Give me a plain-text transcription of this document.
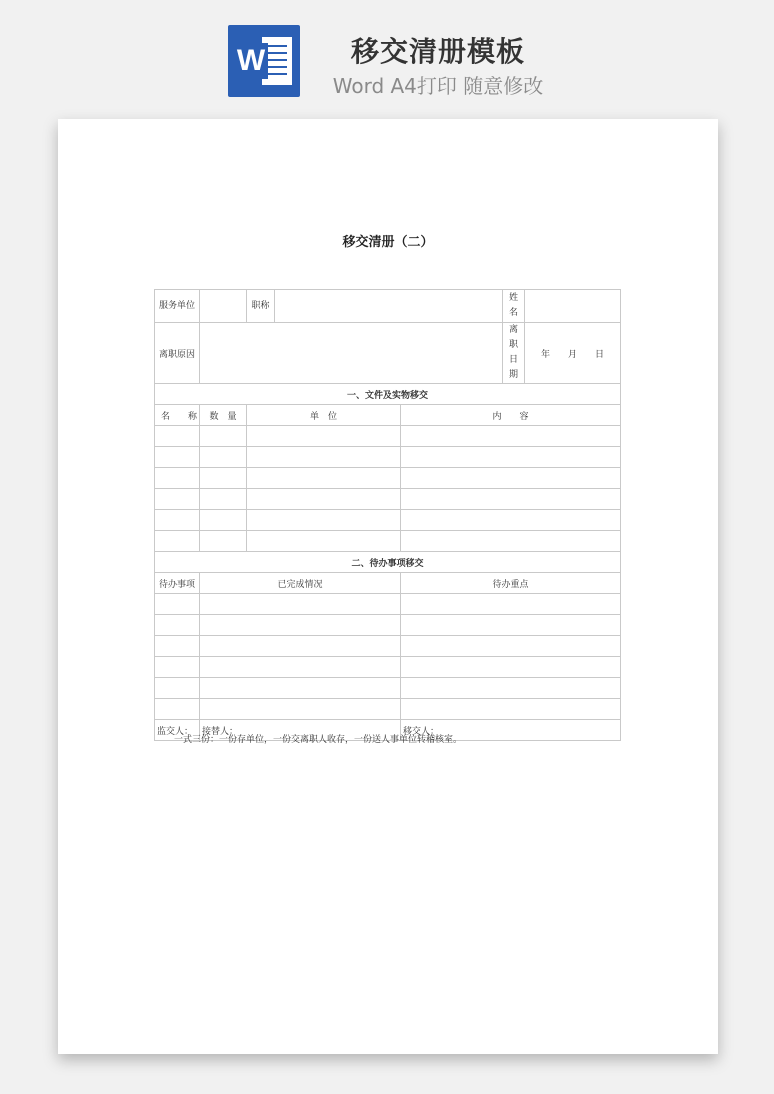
W	移交清册模板
Word A4打印 随意修改
移交清册（二）
服务单位		职称			姓名	
离职原因					离职日期	年　　月　　日
一、文件及实物移交						
名　　称	数　量	单　位		内　　容		

二、待办事项移交						
待办事项	已完成情况			待办重点		

监交人：	接替人：			移交人：		
一式三份：一份存单位，一份交离职人收存，一份送人事单位转稽核室。
